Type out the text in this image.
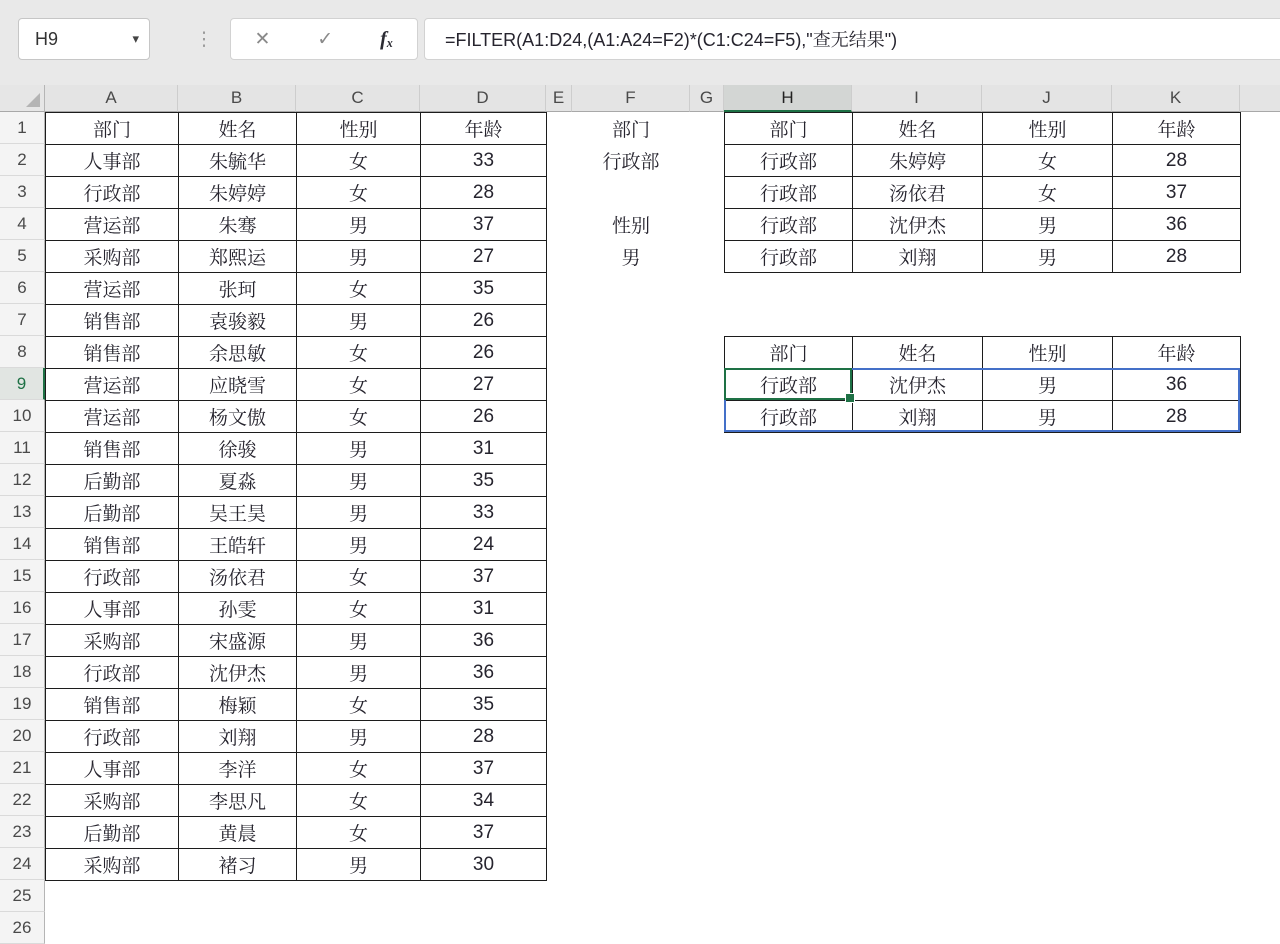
H9	▾	⋮ ✕ ✓ fₓ	=FILTER(A1:D24,(A1:A24=F2)*(C1:C24=F5),"查无结果")
A	B	C	D	E	F	G	H	I	J	K
1
2
3
4
5
6
7
8
9
10
11
12
13
14
15
16
17
18
19
20
21
22
23
24
25
26
部门	姓名	性别	年龄
人事部	朱毓华	女	33
行政部	朱婷婷	女	28
营运部	朱骞	男	37
采购部	郑熙运	男	27
营运部	张珂	女	35
销售部	袁骏毅	男	26
销售部	余思敏	女	26
营运部	应晓雪	女	27
营运部	杨文傲	女	26
销售部	徐骏	男	31
后勤部	夏淼	男	35
后勤部	吴王昊	男	33
销售部	王皓轩	男	24
行政部	汤依君	女	37
人事部	孙雯	女	31
采购部	宋盛源	男	36
行政部	沈伊杰	男	36
销售部	梅颖	女	35
行政部	刘翔	男	28
人事部	李洋	女	37
采购部	李思凡	女	34
后勤部	黄晨	女	37
采购部	褚习	男	30
部门	姓名	性别	年龄
行政部	朱婷婷	女	28
行政部	汤依君	女	37
行政部	沈伊杰	男	36
行政部	刘翔	男	28
部门	姓名	性别	年龄
行政部	沈伊杰	男	36
行政部	刘翔	男	28
部门
行政部
性别
男
